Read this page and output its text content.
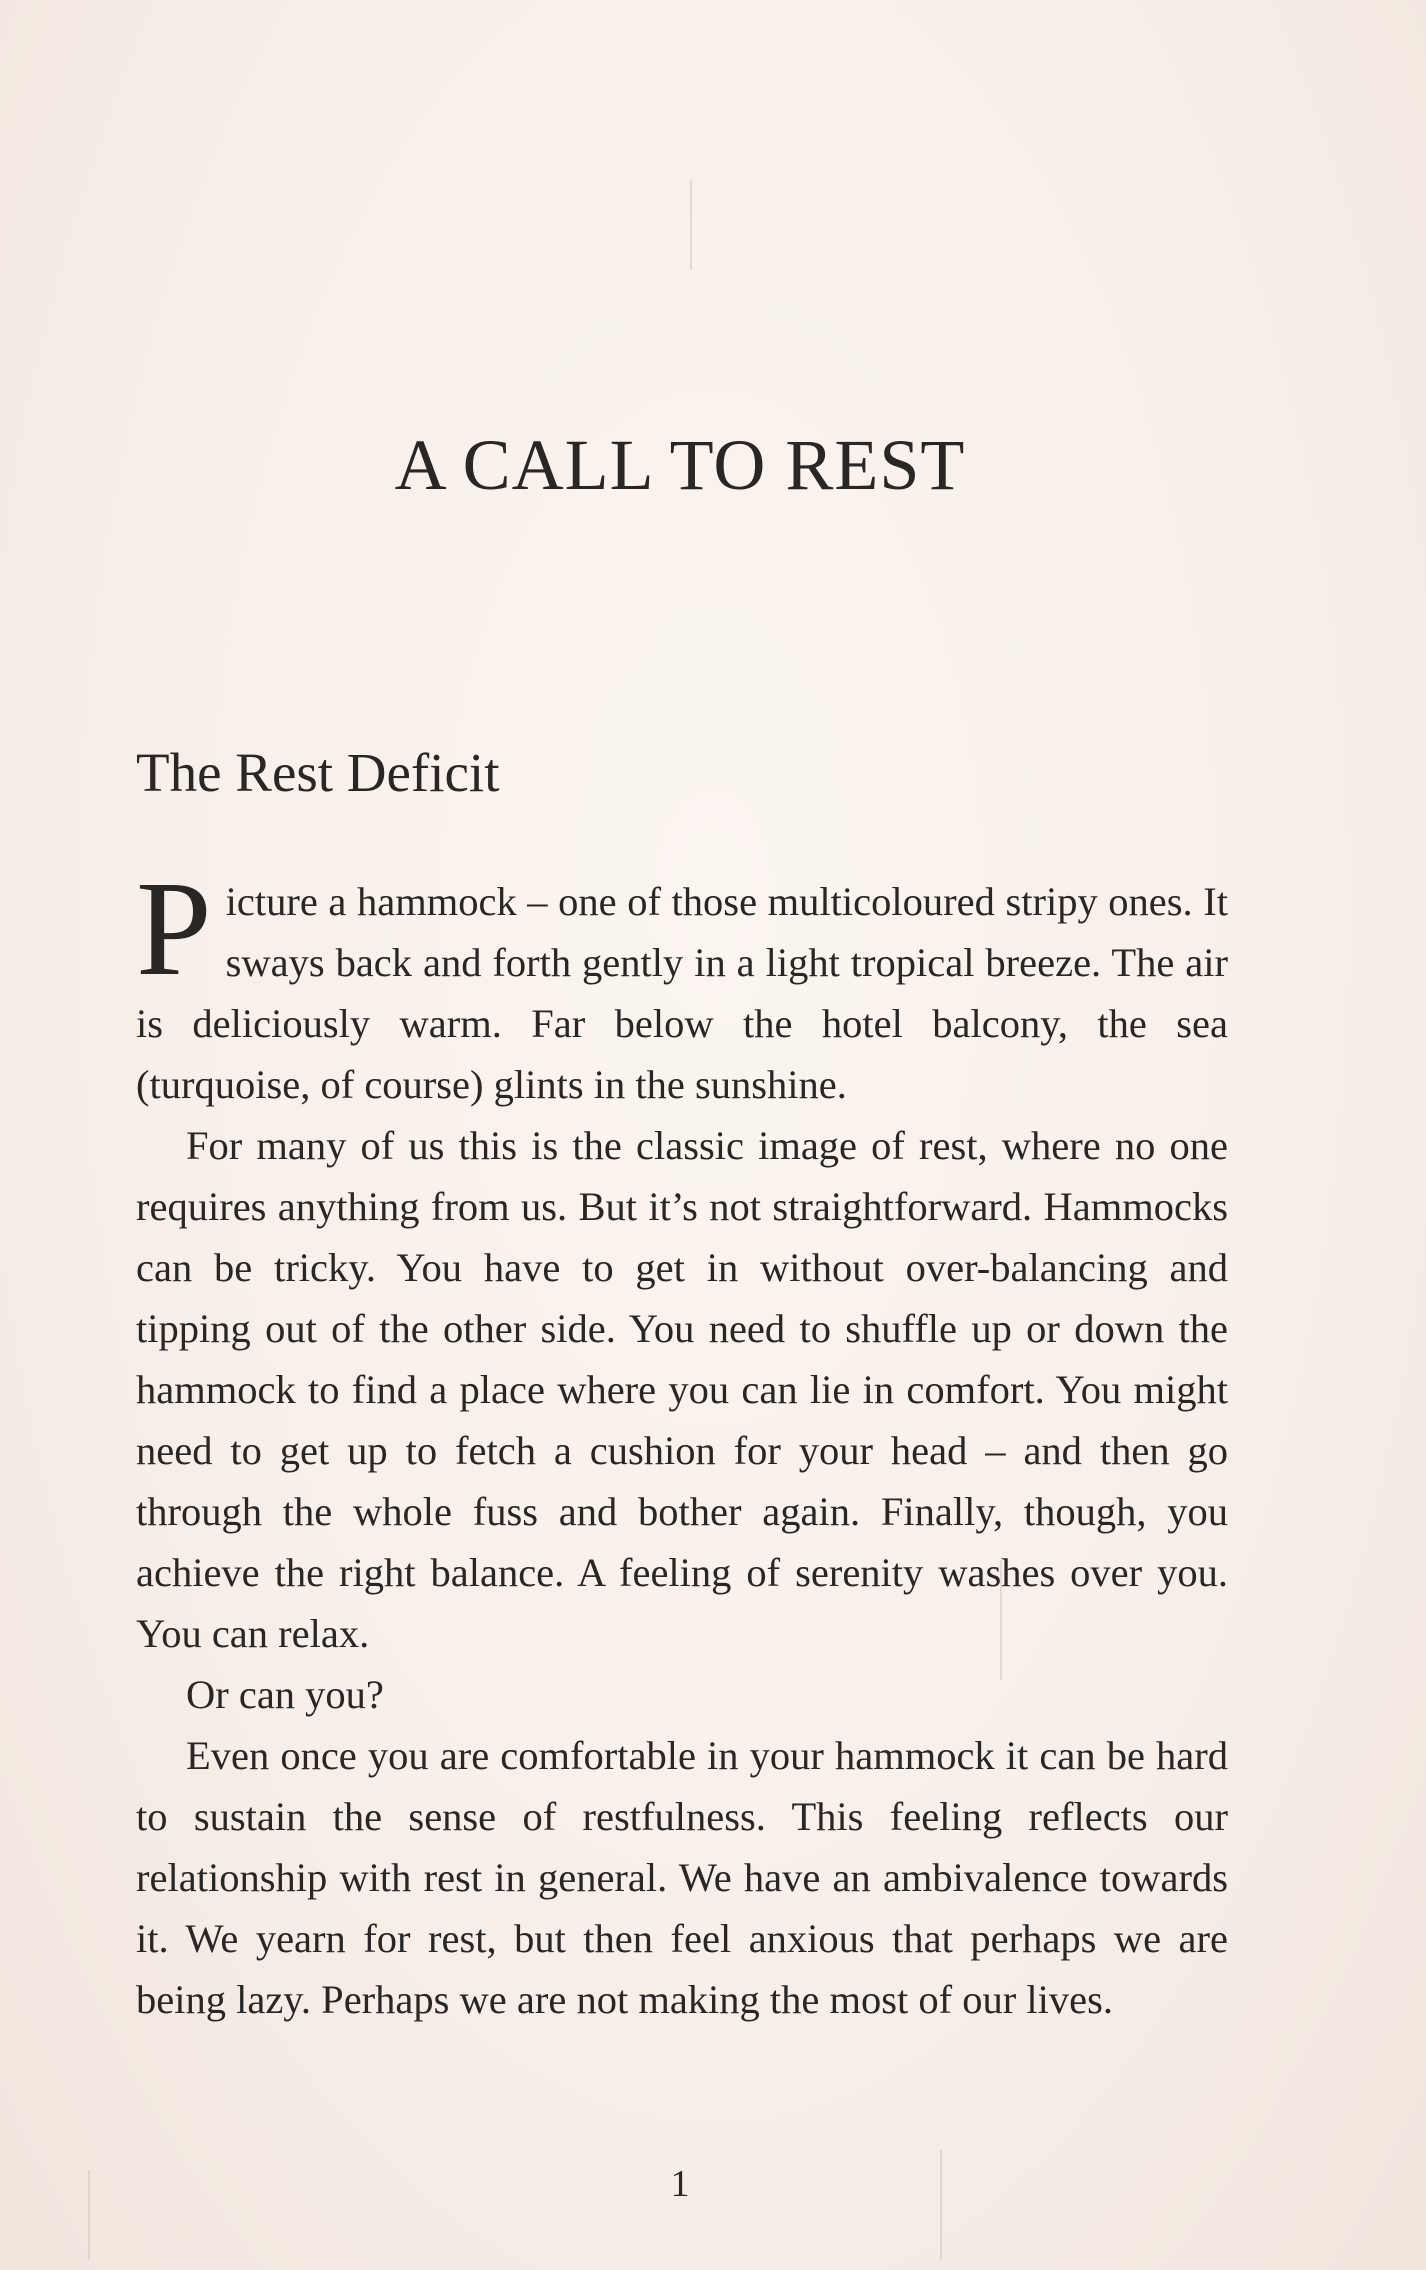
A CALL TO REST
The Rest Deficit

Picture a hammock – one of those multicoloured stripy ones. It sways back and forth gently in a light tropical breeze. The air is deliciously warm. Far below the hotel balcony, the sea (turquoise, of course) glints in the sunshine.

For many of us this is the classic image of rest, where no one requires anything from us. But it’s not straightforward. Hammocks can be tricky. You have to get in without over-balancing and tipping out of the other side. You need to shuffle up or down the hammock to find a place where you can lie in comfort. You might need to get up to fetch a cushion for your head – and then go through the whole fuss and bother again. Finally, though, you achieve the right balance. A feeling of serenity washes over you. You can relax.

Or can you?

Even once you are comfortable in your hammock it can be hard to sustain the sense of restfulness. This feeling reflects our relationship with rest in general. We have an ambivalence towards it. We yearn for rest, but then feel anxious that perhaps we are being lazy. Perhaps we are not making the most of our lives.

1
